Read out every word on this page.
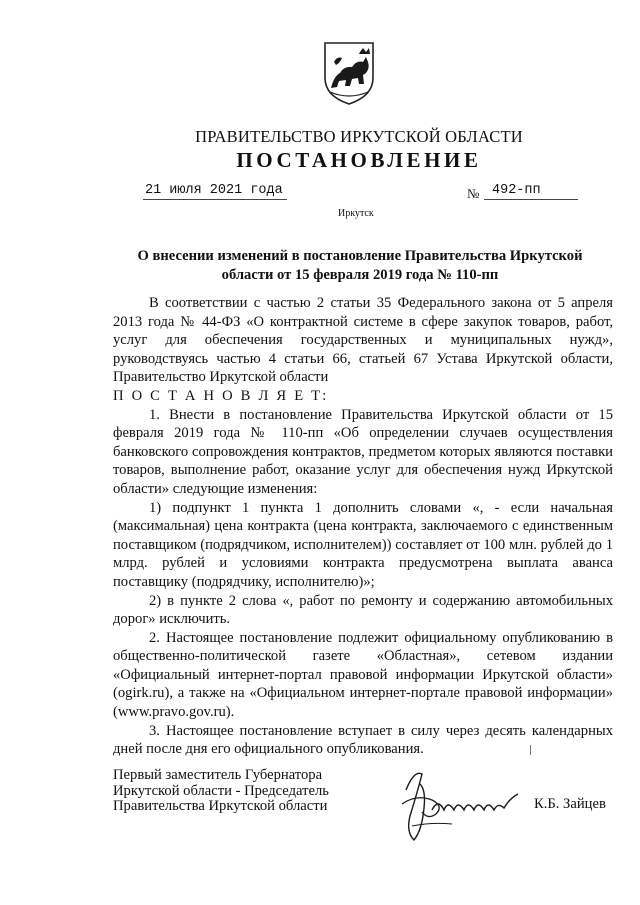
ПРАВИТЕЛЬСТВО ИРКУТСКОЙ ОБЛАСТИ
ПОСТАНОВЛЕНИЕ
21 июля 2021 года	№ 492-пп
Иркутск
О внесении изменений в постановление Правительства Иркутской области от 15 февраля 2019 года № 110-пп

В соответствии с частью 2 статьи 35 Федерального закона от 5 апреля 2013 года № 44-ФЗ «О контрактной системе в сфере закупок товаров, работ, услуг для обеспечения государственных и муниципальных нужд», руководствуясь частью 4 статьи 66, статьей 67 Устава Иркутской области, Правительство Иркутской области

П О С Т А Н О В Л Я Е Т:

1. Внести в постановление Правительства Иркутской области от 15 февраля 2019 года № 110-пп «Об определении случаев осуществления банковского сопровождения контрактов, предметом которых являются поставки товаров, выполнение работ, оказание услуг для обеспечения нужд Иркутской области» следующие изменения:

1) подпункт 1 пункта 1 дополнить словами «, - если начальная (максимальная) цена контракта (цена контракта, заключаемого с единственным поставщиком (подрядчиком, исполнителем)) составляет от 100 млн. рублей до 1 млрд. рублей и условиями контракта предусмотрена выплата аванса поставщику (подрядчику, исполнителю)»;

2) в пункте 2 слова «, работ по ремонту и содержанию автомобильных дорог» исключить.

2. Настоящее постановление подлежит официальному опубликованию в общественно-политической газете «Областная», сетевом издании «Официальный интернет-портал правовой информации Иркутской области» (ogirk.ru), а также на «Официальном интернет-портале правовой информации» (www.pravo.gov.ru).

3. Настоящее постановление вступает в силу через десять календарных дней после дня его официального опубликования.

Первый заместитель Губернатора
Иркутской области - Председатель
Правительства Иркутской области	К.Б. Зайцев
